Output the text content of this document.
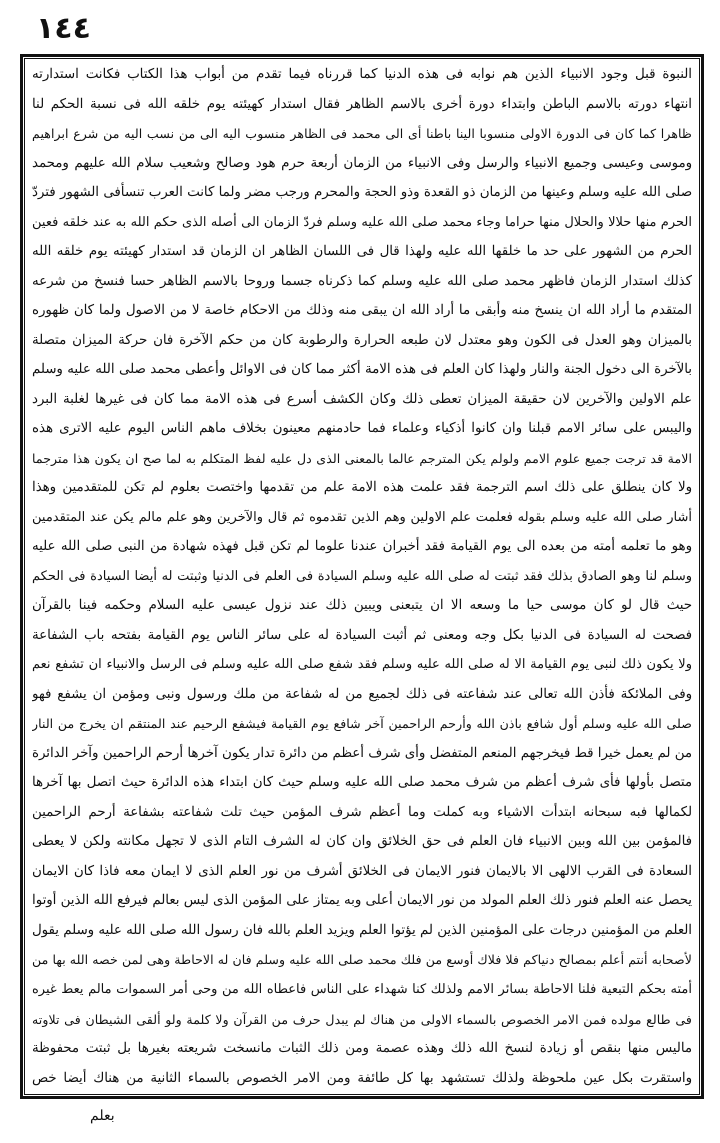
١٤٤
النبوة قبل وجود الانبياء الذين هم نوابه فى هذه الدنيا كما قررناه فيما تقدم من أبواب هذا الكتاب فكانت استدارته
انتهاء دورته بالاسم الباطن وابتداء دورة أخرى بالاسم الظاهر فقال استدار كهيئته يوم خلقه الله فى نسبة الحكم لنا
ظاهرا كما كان فى الدورة الاولى منسوبا الينا باطنا أى الى محمد فى الظاهر منسوب اليه الى من نسب اليه من شرع ابراهيم
وموسى وعيسى وجميع الانبياء والرسل وفى الانبياء من الزمان أربعة حرم هود وصالح وشعيب سلام الله عليهم ومحمد
صلى الله عليه وسلم وعينها من الزمان ذو القعدة وذو الحجة والمحرم ورجب مضر ولما كانت العرب تنسأفى الشهور فتردّ
الحرم منها حلالا والحلال منها حراما وجاء محمد صلى الله عليه وسلم فردّ الزمان الى أصله الذى حكم الله به عند خلقه فعين
الحرم من الشهور على حد ما خلقها الله عليه ولهذا قال فى اللسان الظاهر ان الزمان قد استدار كهيئته يوم خلقه الله
كذلك استدار الزمان فاظهر محمد صلى الله عليه وسلم كما ذكرناه جسما وروحا بالاسم الظاهر حسا فنسخ من شرعه
المتقدم ما أراد الله ان ينسخ منه وأبقى ما أراد الله ان يبقى منه وذلك من الاحكام خاصة لا من الاصول ولما كان ظهوره
بالميزان وهو العدل فى الكون وهو معتدل لان طبعه الحرارة والرطوبة كان من حكم الآخرة فان حركة الميزان متصلة
بالآخرة الى دخول الجنة والنار ولهذا كان العلم فى هذه الامة أكثر مما كان فى الاوائل وأعطى محمد صلى الله عليه وسلم
علم الاولين والآخرين لان حقيقة الميزان تعطى ذلك وكان الكشف أسرع فى هذه الامة مما كان فى غيرها لغلبة البرد
واليبس على سائر الامم قبلنا وان كانوا أذكياء وعلماء فما حادمنهم معينون بخلاف ماهم الناس اليوم عليه الاترى هذه
الامة قد ترجت جميع علوم الامم ولولم يكن المترجم عالما بالمعنى الذى دل عليه لفظ المتكلم به لما صح ان يكون هذا مترجما
ولا كان ينطلق على ذلك اسم الترجمة فقد علمت هذه الامة علم من تقدمها واختصت بعلوم لم تكن للمتقدمين وهذا
أشار صلى الله عليه وسلم بقوله فعلمت علم الاولين وهم الذين تقدموه ثم قال والآخرين وهو علم مالم يكن عند المتقدمين
وهو ما تعلمه أمته من بعده الى يوم القيامة فقد أخبران عندنا علوما لم تكن قبل فهذه شهادة من النبى صلى الله عليه
وسلم لنا وهو الصادق بذلك فقد ثبتت له صلى الله عليه وسلم السيادة فى العلم فى الدنيا وثبتت له أيضا السيادة فى الحكم
حيث قال لو كان موسى حيا ما وسعه الا ان يتبعنى ويبين ذلك عند نزول عيسى عليه السلام وحكمه فينا بالقرآن
فصحت له السيادة فى الدنيا بكل وجه ومعنى ثم أثبت السيادة له على سائر الناس يوم القيامة بفتحه باب الشفاعة
ولا يكون ذلك لنبى يوم القيامة الا له صلى الله عليه وسلم فقد شفع صلى الله عليه وسلم فى الرسل والانبياء ان تشفع نعم
وفى الملائكة فأذن الله تعالى عند شفاعته فى ذلك لجميع من له شفاعة من ملك ورسول ونبى ومؤمن ان يشفع فهو
صلى الله عليه وسلم أول شافع باذن الله وأرحم الراحمين آخر شافع يوم القيامة فيشفع الرحيم عند المنتقم ان يخرج من النار
من لم يعمل خيرا قط فيخرجهم المنعم المتفضل وأى شرف أعظم من دائرة تدار يكون آخرها أرحم الراحمين وآخر الدائرة
متصل بأولها فأى شرف أعظم من شرف محمد صلى الله عليه وسلم حيث كان ابتداء هذه الدائرة حيث اتصل بها آخرها
لكمالها فبه سبحانه ابتدأت الاشياء وبه كملت وما أعظم شرف المؤمن حيث تلت شفاعته بشفاعة أرحم الراحمين
فالمؤمن بين الله وبين الانبياء فان العلم فى حق الخلائق وان كان له الشرف التام الذى لا تجهل مكانته ولكن لا يعطى
السعادة فى القرب الالهى الا بالايمان فنور الايمان فى الخلائق أشرف من نور العلم الذى لا ايمان معه فاذا كان الايمان
يحصل عنه العلم فنور ذلك العلم المولد من نور الايمان أعلى وبه يمتاز على المؤمن الذى ليس بعالم فيرفع الله الذين أوتوا
العلم من المؤمنين درجات على المؤمنين الذين لم يؤتوا العلم ويزيد العلم بالله فان رسول الله صلى الله عليه وسلم يقول
لأصحابه أنتم أعلم بمصالح دنياكم فلا فلاك أوسع من فلك محمد صلى الله عليه وسلم فان له الاحاطة وهى لمن خصه الله بها من
أمته بحكم التبعية فلنا الاحاطة بسائر الامم ولذلك كنا شهداء على الناس فاعطاه الله من وحى أمر السموات مالم يعط غيره
فى طالع مولده فمن الامر الخصوص بالسماء الاولى من هناك لم يبدل حرف من القرآن ولا كلمة ولو ألقى الشيطان فى تلاوته
ماليس منها بنقص أو زيادة لنسخ الله ذلك وهذه عصمة ومن ذلك الثبات مانسخت شريعته بغيرها بل ثبتت محفوظة
واستقرت بكل عين ملحوظة ولذلك تستشهد بها كل طائفة ومن الامر الخصوص بالسماء الثانية من هناك أيضا خص
بعلم
